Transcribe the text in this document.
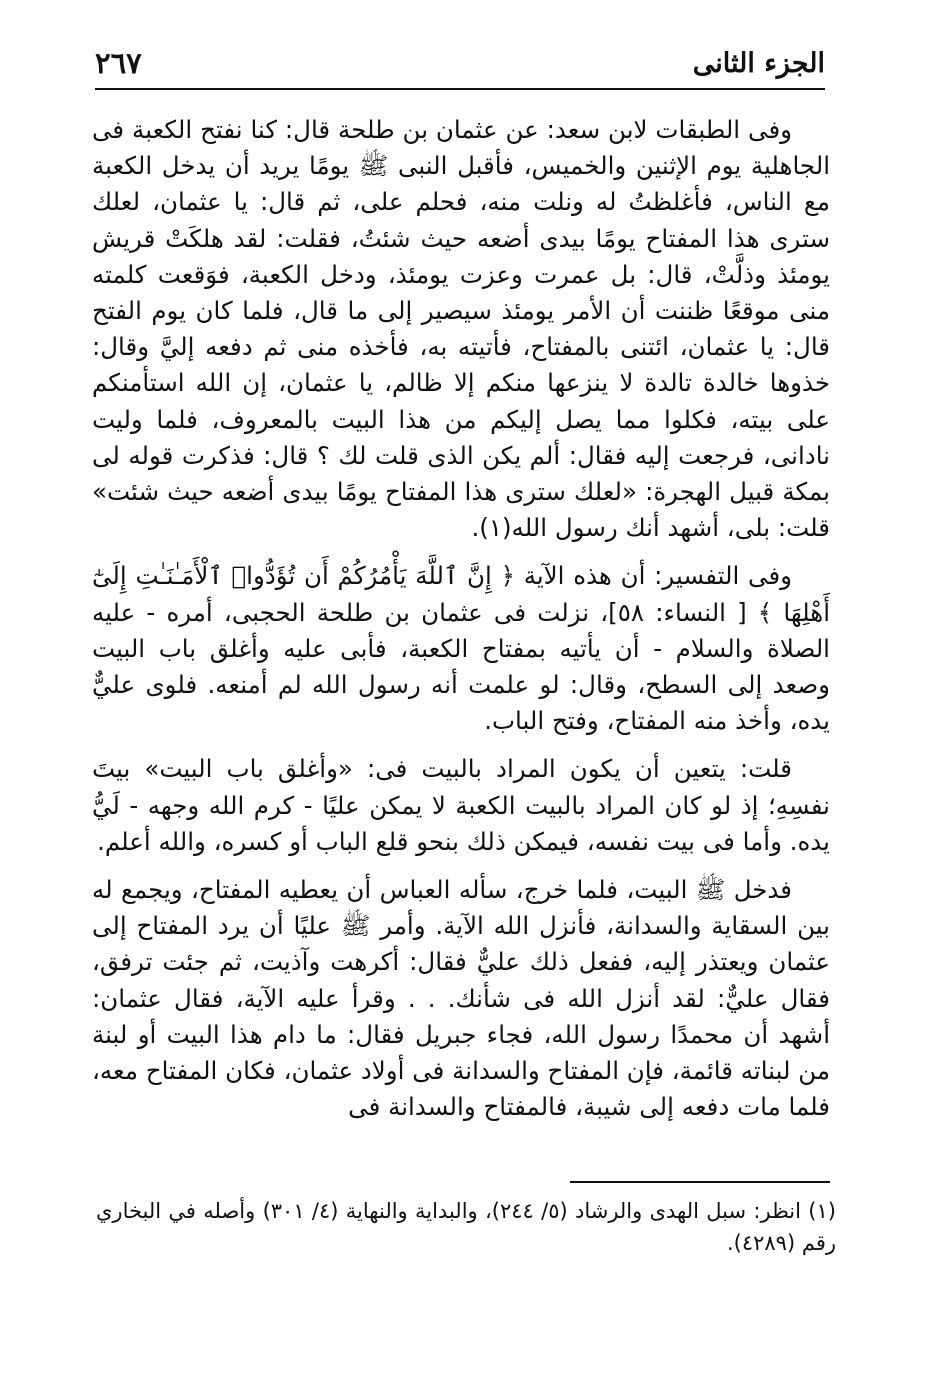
الجزء الثانى
٢٦٧

وفى الطبقات لابن سعد: عن عثمان بن طلحة قال: كنا نفتح الكعبة فى الجاهلية يوم الإثنين والخميس، فأقبل النبى ﷺ يومًا يريد أن يدخل الكعبة مع الناس، فأغلظتُ له ونلت منه، فحلم على، ثم قال: يا عثمان، لعلك سترى هذا المفتاح يومًا بيدى أضعه حيث شئتُ، فقلت: لقد هلكَتْ قريش يومئذ وذلَّتْ، قال: بل عمرت وعزت يومئذ، ودخل الكعبة، فوَقعت كلمته منى موقعًا ظننت أن الأمر يومئذ سيصير إلى ما قال، فلما كان يوم الفتح قال: يا عثمان، ائتنى بالمفتاح، فأتيته به، فأخذه منى ثم دفعه إليَّ وقال: خذوها خالدة تالدة لا ينزعها منكم إلا ظالم، يا عثمان، إن الله استأمنكم على بيته، فكلوا مما يصل إليكم من هذا البيت بالمعروف، فلما وليت نادانى، فرجعت إليه فقال: ألم يكن الذى قلت لك ؟ قال: فذكرت قوله لى بمكة قبيل الهجرة: «لعلك سترى هذا المفتاح يومًا بيدى أضعه حيث شئت» قلت: بلى، أشهد أنك رسول الله(١).

وفى التفسير: أن هذه الآية ﴿ إِنَّ ٱللَّهَ يَأْمُرُكُمْ أَن تُؤَدُّوا۟ ٱلْأَمَـٰنَـٰتِ إِلَىٰٓ أَهْلِهَا ﴾ [ النساء: ٥٨]، نزلت فى عثمان بن طلحة الحجبى، أمره - عليه الصلاة والسلام - أن يأتيه بمفتاح الكعبة، فأبى عليه وأغلق باب البيت وصعد إلى السطح، وقال: لو علمت أنه رسول الله لم أمنعه. فلوى عليٌّ يده، وأخذ منه المفتاح، وفتح الباب.

قلت: يتعين أن يكون المراد بالبيت فى: «وأغلق باب البيت» بيتَ نفسِهِ؛ إذ لو كان المراد بالبيت الكعبة لا يمكن عليًا - كرم الله وجهه - لَيُّ يده. وأما فى بيت نفسه، فيمكن ذلك بنحو قلع الباب أو كسره، والله أعلم.

فدخل ﷺ البيت، فلما خرج، سأله العباس أن يعطيه المفتاح، ويجمع له بين السقاية والسدانة، فأنزل الله الآية. وأمر ﷺ عليًا أن يرد المفتاح إلى عثمان ويعتذر إليه، ففعل ذلك عليٌّ فقال: أكرهت وآذيت، ثم جئت ترفق، فقال عليٌّ: لقد أنزل الله فى شأنك. . . وقرأ عليه الآية، فقال عثمان: أشهد أن محمدًا رسول الله، فجاء جبريل فقال: ما دام هذا البيت أو لبنة من لبناته قائمة، فإن المفتاح والسدانة فى أولاد عثمان، فكان المفتاح معه، فلما مات دفعه إلى شيبة، فالمفتاح والسدانة فى

(١) انظر: سبل الهدى والرشاد (٥/ ٢٤٤)، والبداية والنهاية (٤/ ٣٠١) وأصله في البخاري رقم (٤٢٨٩).
